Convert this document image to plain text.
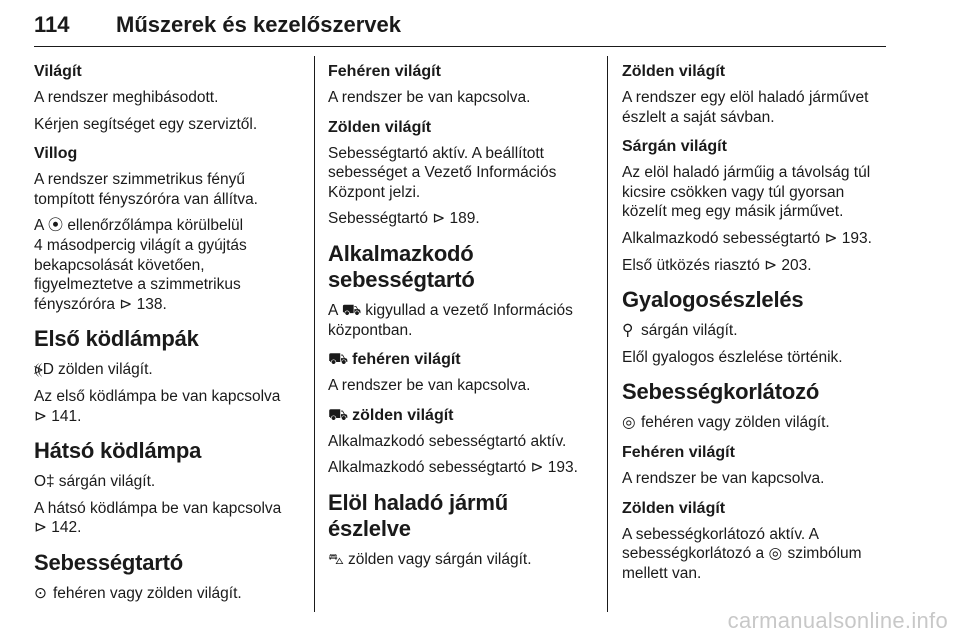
114 Műszerek és kezelőszervek
Világít
A rendszer meghibásodott.
Kérjen segítséget egy szerviztől.
Villog
A rendszer szimmetrikus fényű
tompított fényszóróra van állítva.
A ⦿ ellenőrzőlámpa körülbelül
4 másodpercig világít a gyújtás
bekapcsolását követően,
figyelmeztetve a szimmetrikus
fényszóróra ⊳ 138.
Első ködlámpák
⦕D zölden világít.
Az első ködlámpa be van kapcsolva
⊳ 141.
Hátsó ködlámpa
O‡ sárgán világít.
A hátsó ködlámpa be van kapcsolva
⊳ 142.
Sebességtartó
⊙ fehéren vagy zölden világít.
Fehéren világít
A rendszer be van kapcsolva.
Zölden világít
Sebességtartó aktív. A beállított
sebességet a Vezető Információs
Központ jelzi.
Sebességtartó ⊳ 189.
Alkalmazkodó
sebességtartó
A ⛟ kigyullad a vezető Információs
központban.
⛟ fehéren világít
A rendszer be van kapcsolva.
⛟ zölden világít
Alkalmazkodó sebességtartó aktív.
Alkalmazkodó sebességtartó ⊳ 193.
Elöl haladó jármű észlelve
⛍ zölden vagy sárgán világít.
Zölden világít
A rendszer egy elöl haladó járművet
észlelt a saját sávban.
Sárgán világít
Az elöl haladó járműig a távolság túl
kicsire csökken vagy túl gyorsan
közelít meg egy másik járművet.
Alkalmazkodó sebességtartó ⊳ 193.
Első ütközés riasztó ⊳ 203.
Gyalogosészlelés
⚲ sárgán világít.
Elől gyalogos észlelése történik.
Sebességkorlátozó
◎ fehéren vagy zölden világít.
Fehéren világít
A rendszer be van kapcsolva.
Zölden világít
A sebességkorlátozó aktív. A
sebességkorlátozó a ◎ szimbólum
mellett van.
carmanualsonline.info
